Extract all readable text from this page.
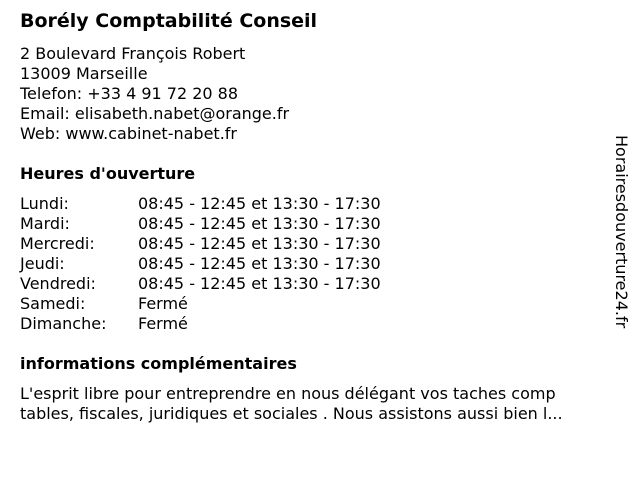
Borély Comptabilité Conseil
2 Boulevard François Robert
13009 Marseille
Telefon: +33 4 91 72 20 88
Email: elisabeth.nabet@orange.fr
Web: www.cabinet-nabet.fr
Heures d'ouverture
Lundi:	08:45 - 12:45 et 13:30 - 17:30
Mardi:	08:45 - 12:45 et 13:30 - 17:30
Mercredi:	08:45 - 12:45 et 13:30 - 17:30
Jeudi:	08:45 - 12:45 et 13:30 - 17:30
Vendredi:	08:45 - 12:45 et 13:30 - 17:30
Samedi:	Fermé
Dimanche:	Fermé
informations complémentaires
L'esprit libre pour entreprendre en nous délégant vos taches comp
tables, fiscales, juridiques et sociales . Nous assistons aussi bien l...
Horairesdouverture24.fr
